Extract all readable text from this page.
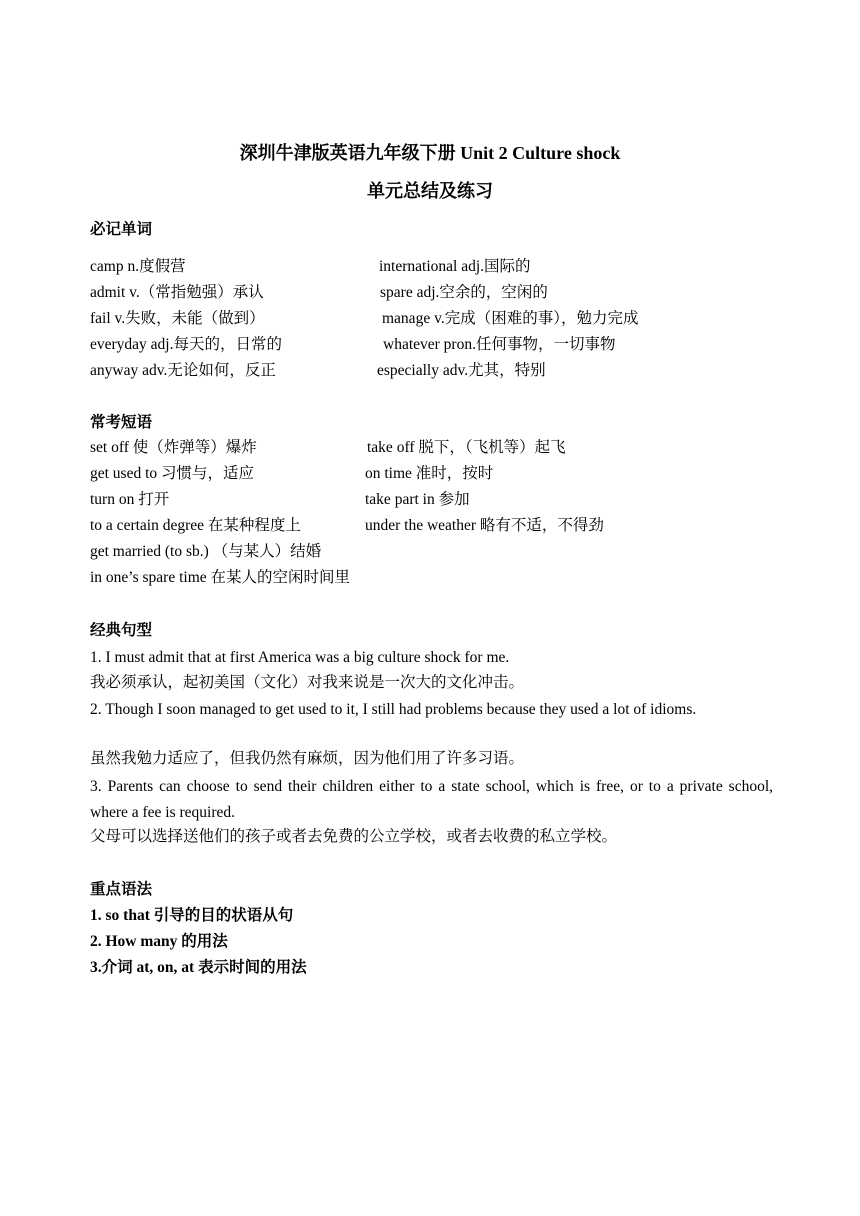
深圳牛津版英语九年级下册 Unit 2 Culture shock
单元总结及练习
必记单词
camp n.度假营	international adj.国际的
admit v.（常指勉强）承认	spare adj.空余的，空闲的
fail v.失败，未能（做到）	manage v.完成（困难的事），勉力完成
everyday adj.每天的，日常的	whatever pron.任何事物，一切事物
anyway adv.无论如何，反正	especially adv.尤其，特别
常考短语
set off 使（炸弹等）爆炸	take off 脱下，（飞机等）起飞
get used to 习惯与，适应	on time 准时，按时
turn on 打开	take part in 参加
to a certain degree 在某种程度上	under the weather 略有不适，不得劲
get married (to sb.) （与某人）结婚
in one’s spare time 在某人的空闲时间里
经典句型
1. I must admit that at first America was a big culture shock for me.
我必须承认，起初美国（文化）对我来说是一次大的文化冲击。
2. Though I soon managed to get used to it, I still had problems because they used a lot of idioms.
虽然我勉力适应了，但我仍然有麻烦，因为他们用了许多习语。
3. Parents can choose to send their children either to a state school, which is free, or to a private school, where a fee is required.
父母可以选择送他们的孩子或者去免费的公立学校，或者去收费的私立学校。
重点语法
1. so that 引导的目的状语从句
2. How many 的用法
3.介词 at, on, at 表示时间的用法
